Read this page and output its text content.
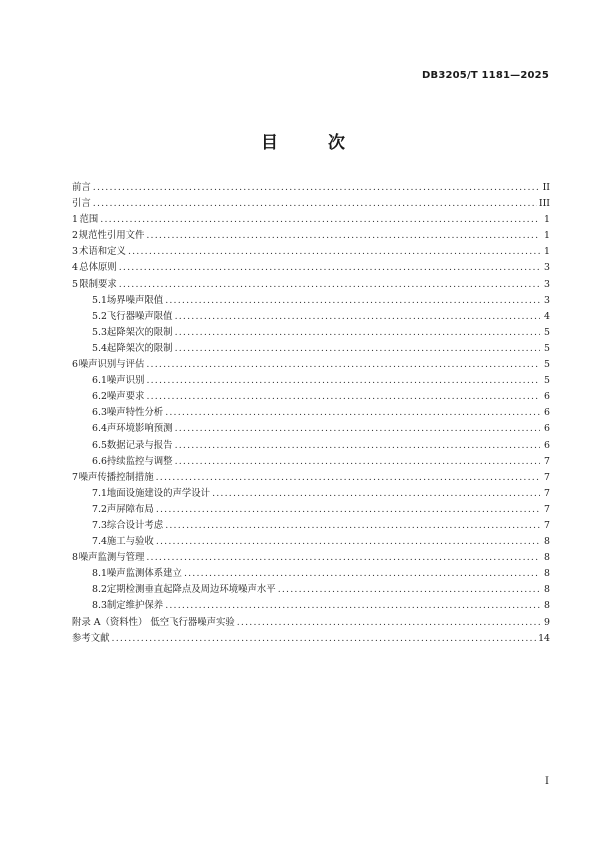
DB3205/T 1181—2025
目 次
前言 .....	II
引言 .....	III
1 范围 .....	1
2 规范性引用文件 .....	1
3 术语和定义 .....	1
4 总体原则 .....	3
5 限制要求 .....	3
5.1 场界噪声限值 .....	3
5.2 飞行器噪声限值 .....	4
5.3 起降架次的限制 .....	5
5.4 起降架次的限制 .....	5
6 噪声识别与评估 .....	5
6.1 噪声识别 .....	5
6.2 噪声要求 .....	6
6.3 噪声特性分析 .....	6
6.4 声环境影响预测 .....	6
6.5 数据记录与报告 .....	6
6.6 持续监控与调整 .....	7
7 噪声传播控制措施 .....	7
7.1 地面设施建设的声学设计 .....	7
7.2 声屏障布局 .....	7
7.3 综合设计考虑 .....	7
7.4 施工与验收 .....	8
8 噪声监测与管理 .....	8
8.1 噪声监测体系建立 .....	8
8.2 定期检测垂直起降点及周边环境噪声水平 .....	8
8.3 制定维护保养 .....	8
附录 A（资料性） 低空飞行器噪声实验 .....	9
参考文献 .....	14
I
